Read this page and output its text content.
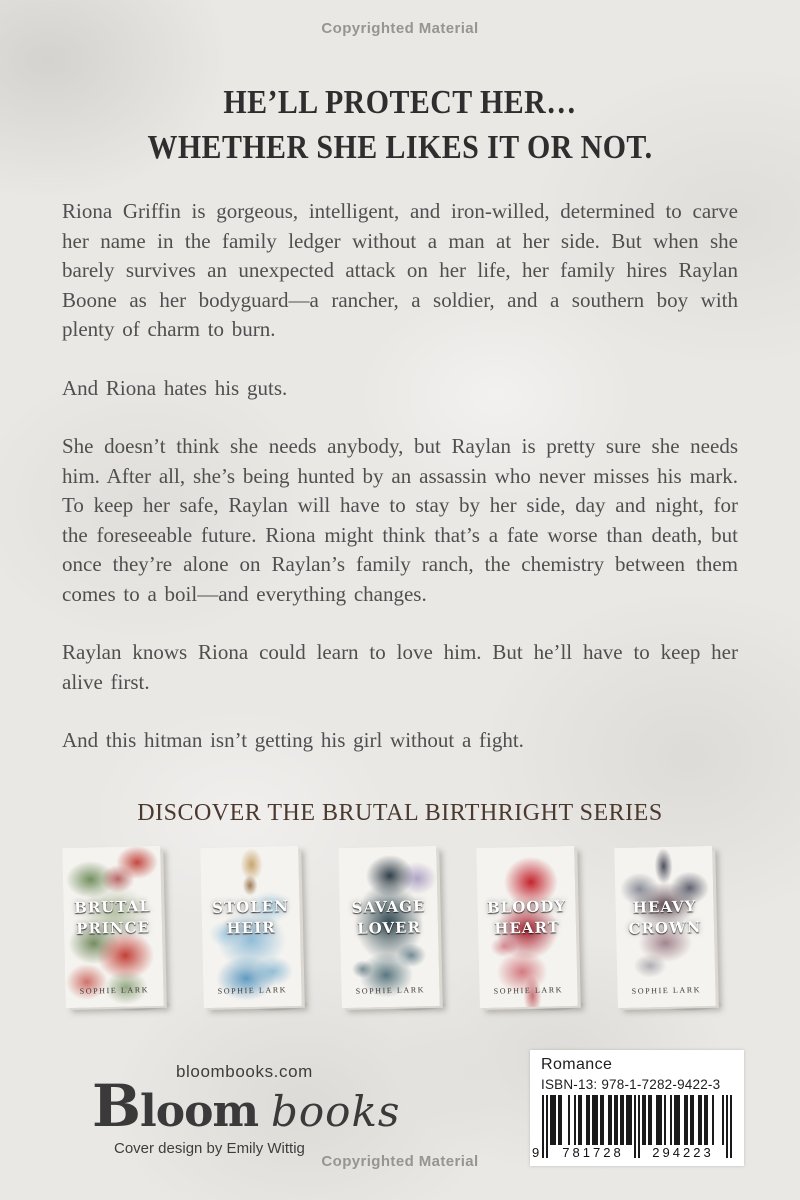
Copyrighted Material
HE’LL PROTECT HER…
WHETHER SHE LIKES IT OR NOT.

Riona Griffin is gorgeous, intelligent, and iron-willed, determined to carve her name in the family ledger without a man at her side. But when she barely survives an unexpected attack on her life, her family hires Raylan Boone as her bodyguard—a rancher, a soldier, and a southern boy with plenty of charm to burn.

And Riona hates his guts.

She doesn’t think she needs anybody, but Raylan is pretty sure she needs him. After all, she’s being hunted by an assassin who never misses his mark. To keep her safe, Raylan will have to stay by her side, day and night, for the foreseeable future. Riona might think that’s a fate worse than death, but once they’re alone on Raylan’s family ranch, the chemistry between them comes to a boil—and everything changes.

Raylan knows Riona could learn to love him. But he’ll have to keep her alive first.

And this hitman isn’t getting his girl without a fight.

DISCOVER THE BRUTAL BIRTHRIGHT SERIES
BRUTAL
PRINCE
SOPHIE LARK
STOLEN
HEIR
SOPHIE LARK
SAVAGE
LOVER
SOPHIE LARK
BLOODY
HEART
SOPHIE LARK
HEAVY
CROWN
SOPHIE LARK
bloombooks.com
Bloom books
Cover design by Emily Wittig
Romance
ISBN-13: 978-1-7282-9422-3
9	781728	294223
Copyrighted Material
